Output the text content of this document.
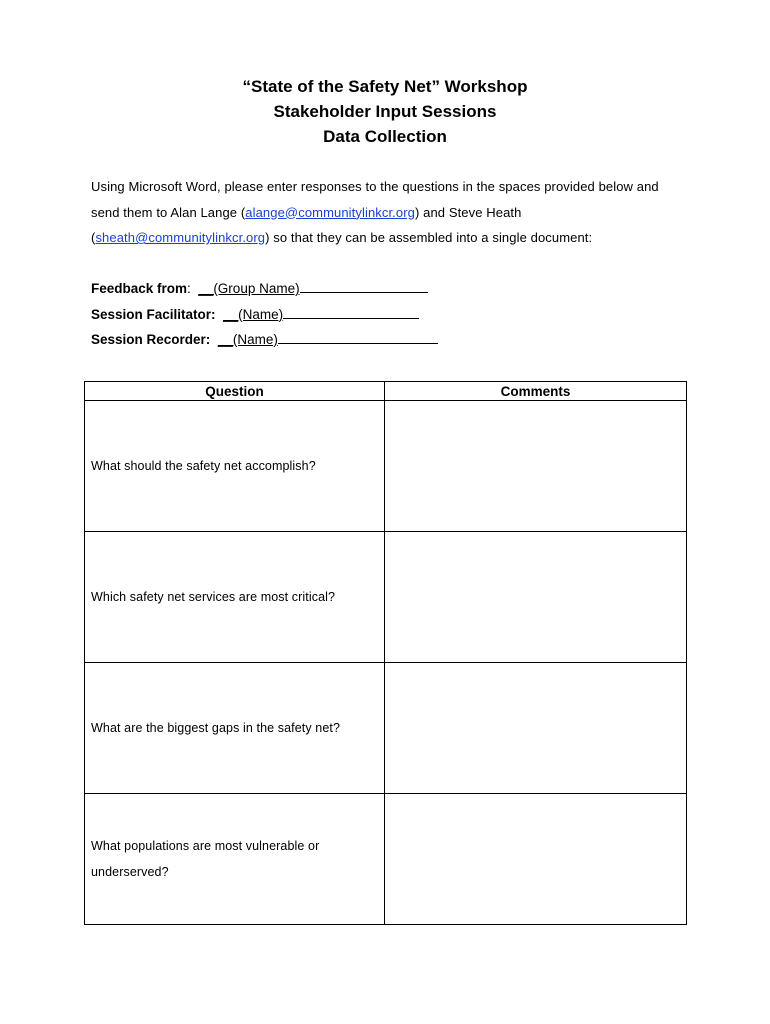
“State of the Safety Net” Workshop
Stakeholder Input Sessions
Data Collection
Using Microsoft Word, please enter responses to the questions in the spaces provided below and send them to Alan Lange (alange@communitylinkcr.org) and Steve Heath (sheath@communitylinkcr.org) so that they can be assembled into a single document:
Feedback from:  __(Group Name)
Session Facilitator: __(Name)
Session Recorder: __(Name)
Question	Comments
What should the safety net accomplish?	
Which safety net services are most critical?	
What are the biggest gaps in the safety net?	
What populations are most vulnerable or underserved?	
